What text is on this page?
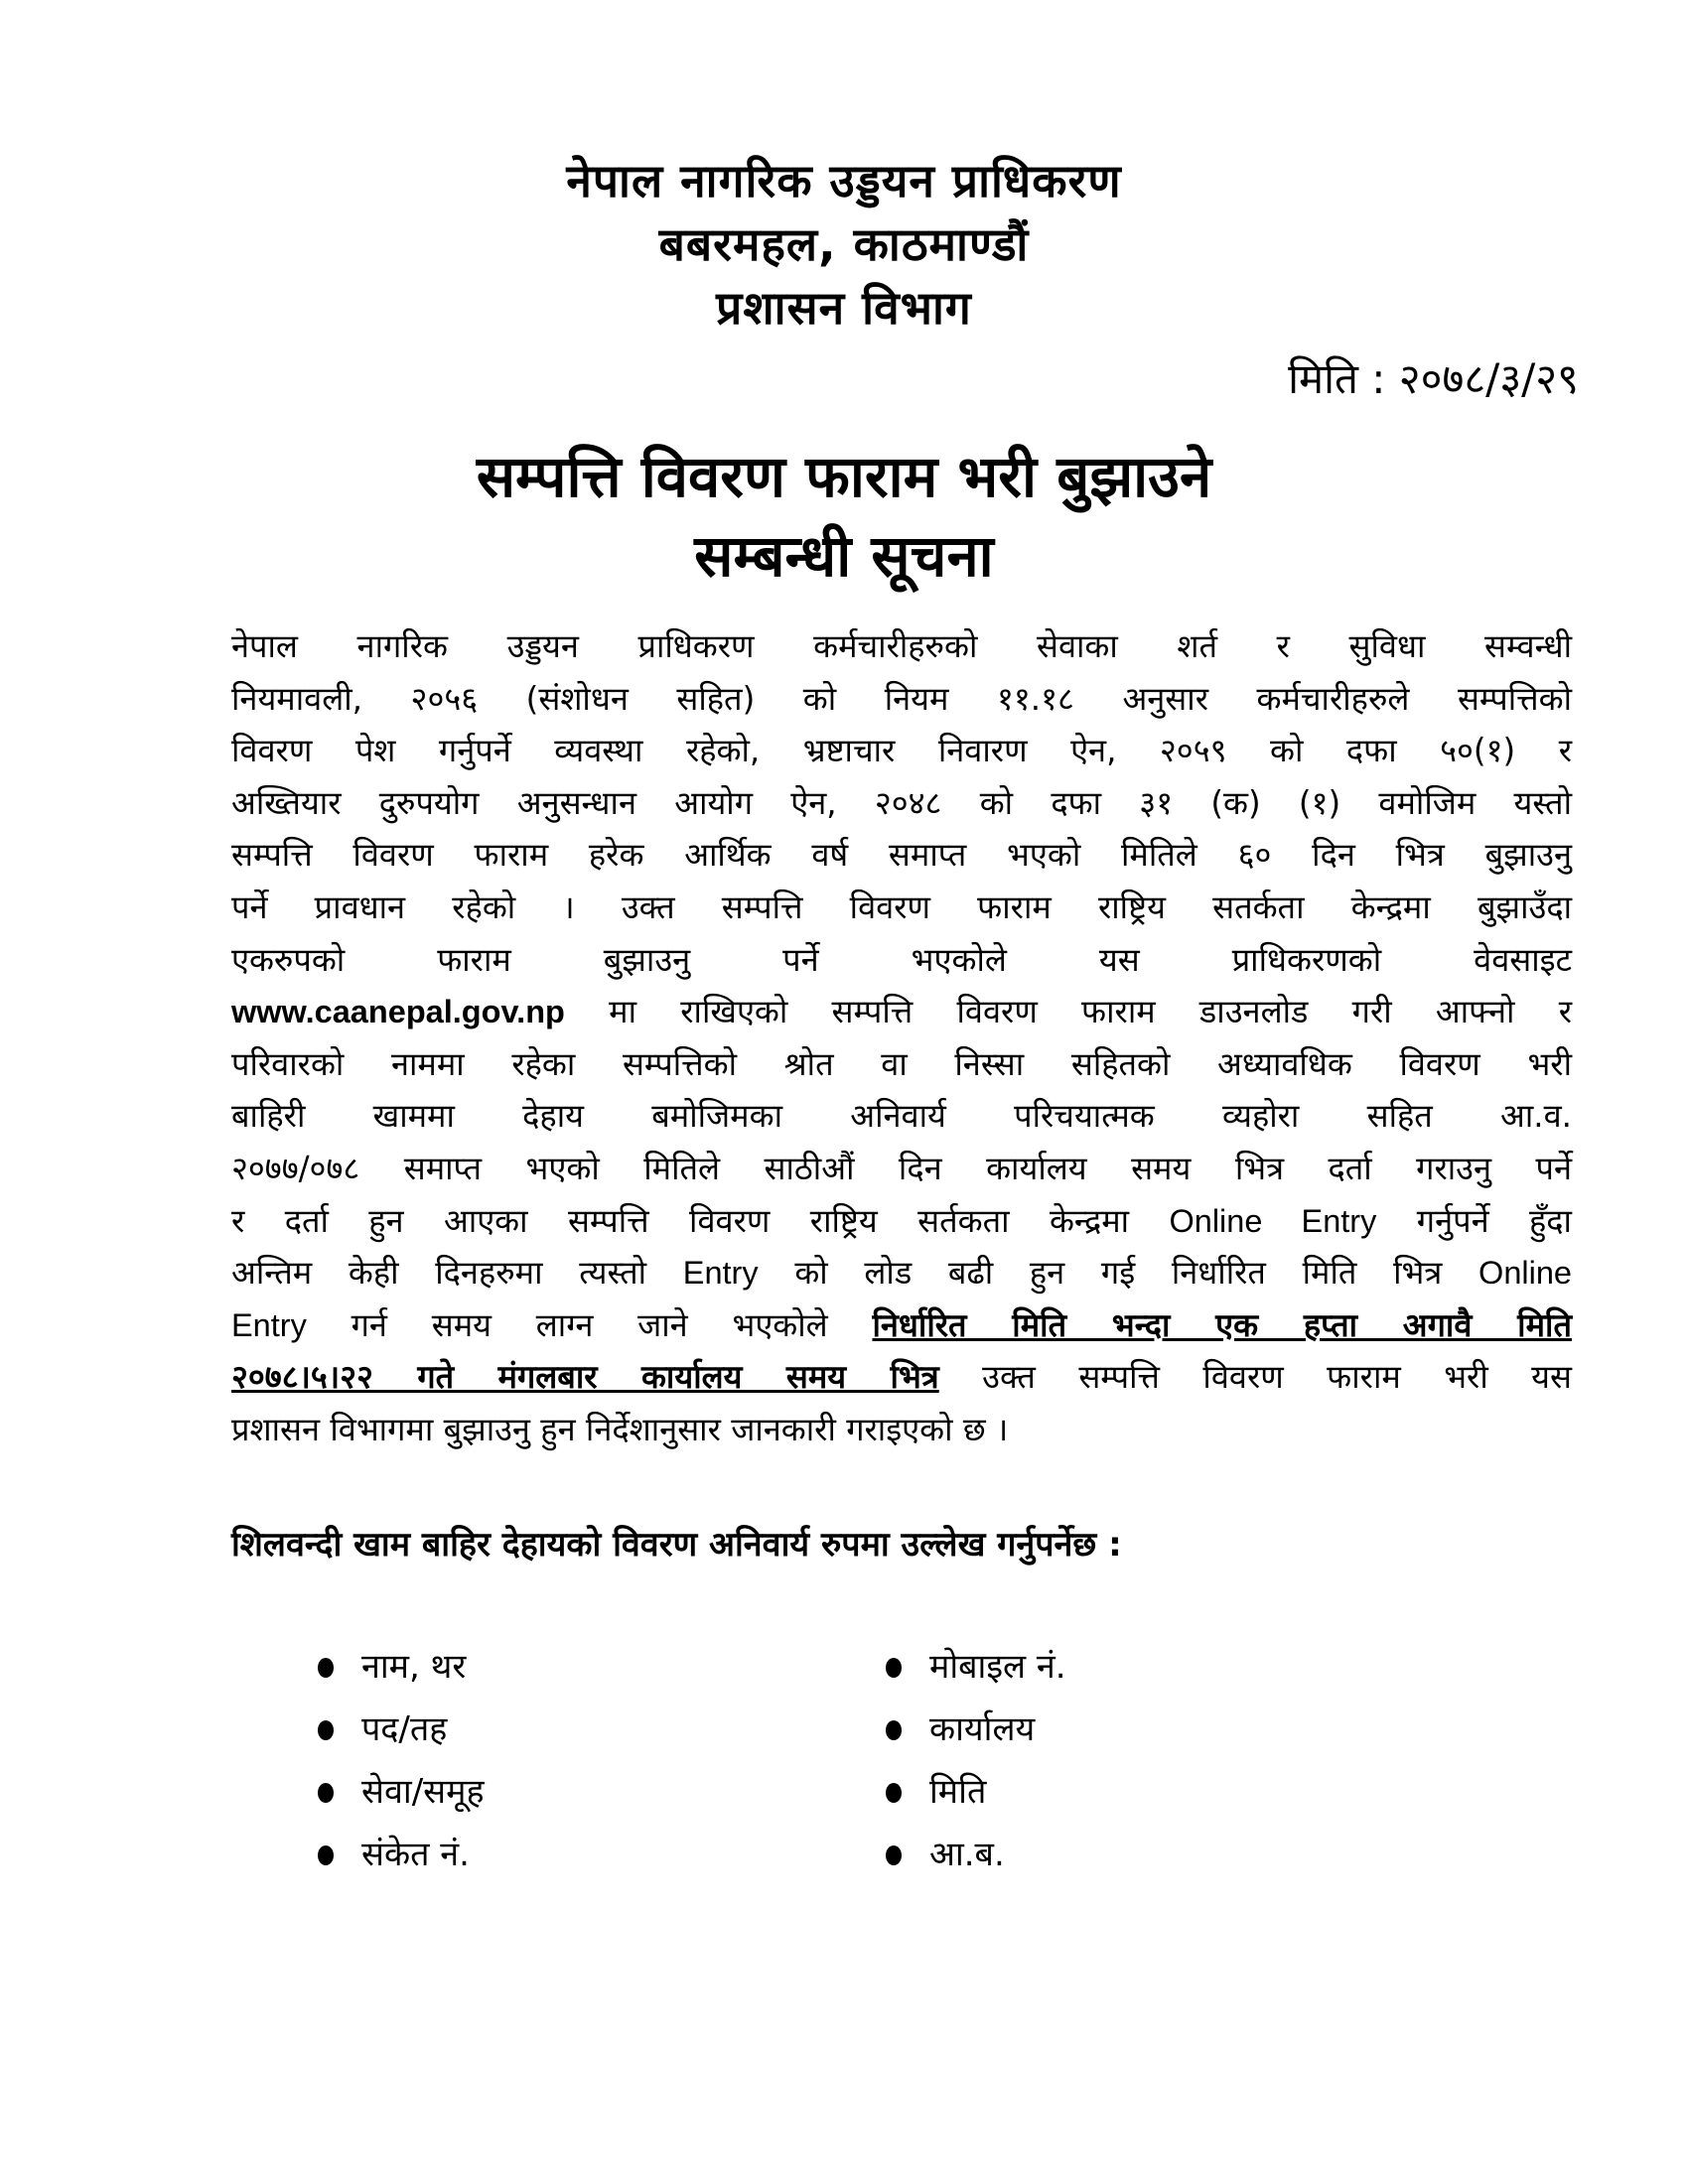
नेपाल नागरिक उड्डयन प्राधिकरण
बबरमहल, काठमाण्डौं
प्रशासन विभाग
मिति : २०७८/३/२९
सम्पत्ति विवरण फाराम भरी बुझाउने
सम्बन्धी सूचना
नेपाल नागरिक उड्डयन प्राधिकरण कर्मचारीहरुको सेवाका शर्त र सुविधा सम्वन्धी
नियमावली, २०५६ (संशोधन सहित) को नियम ११.१८ अनुसार कर्मचारीहरुले सम्पत्तिको
विवरण पेश गर्नुपर्ने व्यवस्था रहेको, भ्रष्टाचार निवारण ऐन, २०५९ को दफा ५०(१) र
अख्तियार दुरुपयोग अनुसन्धान आयोग ऐन, २०४८ को दफा ३१ (क) (१) वमोजिम यस्तो
सम्पत्ति विवरण फाराम हरेक आर्थिक वर्ष समाप्त भएको मितिले ६० दिन भित्र बुझाउनु
पर्ने प्रावधान रहेको । उक्त सम्पत्ति विवरण फाराम राष्ट्रिय सतर्कता केन्द्रमा बुझाउँदा
एकरुपको फाराम बुझाउनु पर्ने भएकोले यस प्राधिकरणको वेवसाइट
www.caanepal.gov.np मा राखिएको सम्पत्ति विवरण फाराम डाउनलोड गरी आफ्नो र
परिवारको नाममा रहेका सम्पत्तिको श्रोत वा निस्सा सहितको अध्यावधिक विवरण भरी
बाहिरी खाममा देहाय बमोजिमका अनिवार्य परिचयात्मक व्यहोरा सहित आ.व.
२०७७/०७८ समाप्त भएको मितिले साठीऔं दिन कार्यालय समय भित्र दर्ता गराउनु पर्ने
र दर्ता हुन आएका सम्पत्ति विवरण राष्ट्रिय सर्तकता केन्द्रमा Online Entry गर्नुपर्ने हुँदा
अन्तिम केही दिनहरुमा त्यस्तो Entry को लोड बढी हुन गई निर्धारित मिति भित्र Online
Entry गर्न समय लाग्न जाने भएकोले निर्धारित मिति भन्दा एक हप्ता अगावै मिति
२०७८।५।२२ गते मंगलबार कार्यालय समय भित्र उक्त सम्पत्ति विवरण फाराम भरी यस
प्रशासन विभागमा बुझाउनु हुन निर्देशानुसार जानकारी गराइएको छ ।
शिलवन्दी खाम बाहिर देहायको विवरण अनिवार्य रुपमा उल्लेख गर्नुपर्नेछ :
नाम, थर
पद/तह
सेवा/समूह
संकेत नं.
मोबाइल नं.
कार्यालय
मिति
आ.ब.
